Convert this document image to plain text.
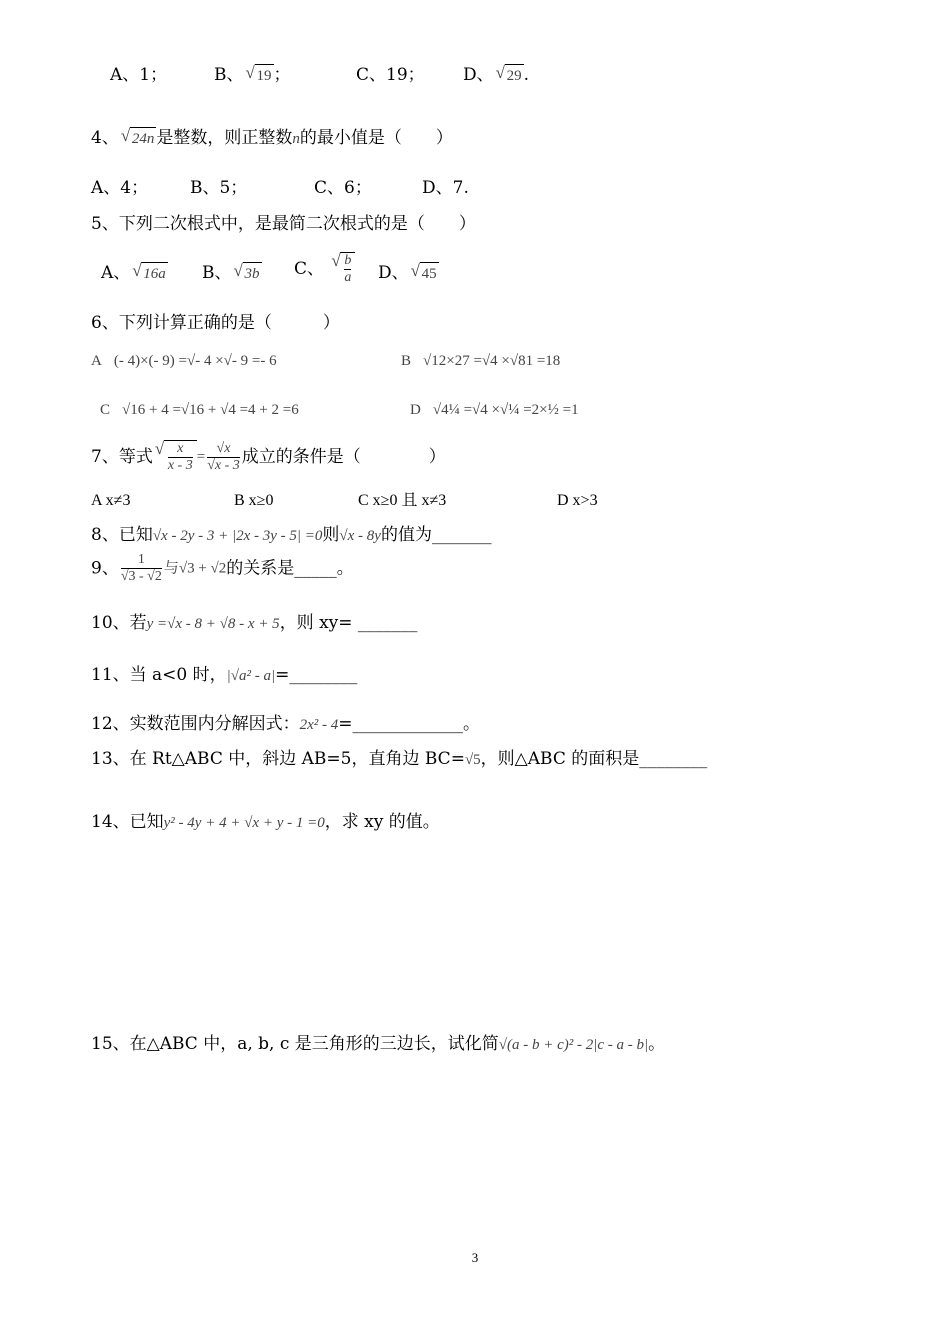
A、1；	B、 √ 19 ；	C、19； D、 √ 29 .
4、 √ 24n 是整数，则正整数n的最小值是（　　）
A、4； B、5；	C、6；	D、7.
5、下列二次根式中，是最简二次根式的是（　　）
A、 √ 16a B、 √ 3b C、 √ $\frac{b}{a}$ D、 √ 45
6、下列计算正确的是（　　　）
A (- 4)×(- 9) =√- 4 ×√- 9 =- 6	B √12×27 =√4 ×√81 =18
C √16 + 4 =√16 + √4 =4 + 2 =6	D √4¼ =√4 ×√¼ =2×½ =1
7、等式 √ $\frac{x}{x - 3} = \frac{√x}{√x - 3}$ 成立的条件是（　　　　）
A x≠3	B x≥0	C x≥0 且 x≠3	D x>3
8、已知√x - 2y - 3 + |2x - 3y - 5| =0则√x - 8y的值为_______
9、 $\frac{1}{√3 - √2}$ 与√3 + √2的关系是_____。
10、若y =√x - 8 + √8 - x + 5，则 xy= _______
11、当 a<0 时，|√a² - a|=________
12、实数范围内分解因式：2x² - 4=_____________。
13、在 Rt△ABC 中，斜边 AB=5，直角边 BC=√5，则△ABC 的面积是________
14、已知y² - 4y + 4 + √x + y - 1 =0，求 xy 的值。
15、在△ABC 中，a, b, c 是三角形的三边长，试化简√(a - b + c)² - 2|c - a - b|。
3
